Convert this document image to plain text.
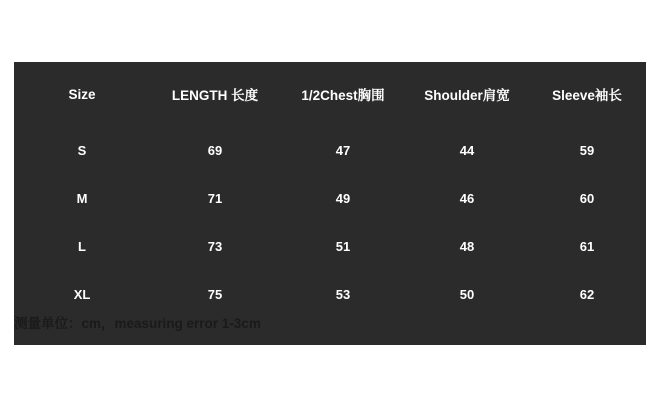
Size	LENGTH 长度	1/2Chest胸围	Shoulder肩宽	Sleeve袖长
S	69	47	44	59
M	71	49	46	60
L	73	51	48	61
XL	75	53	50	62
测量单位：cm，measuring error 1-3cm
